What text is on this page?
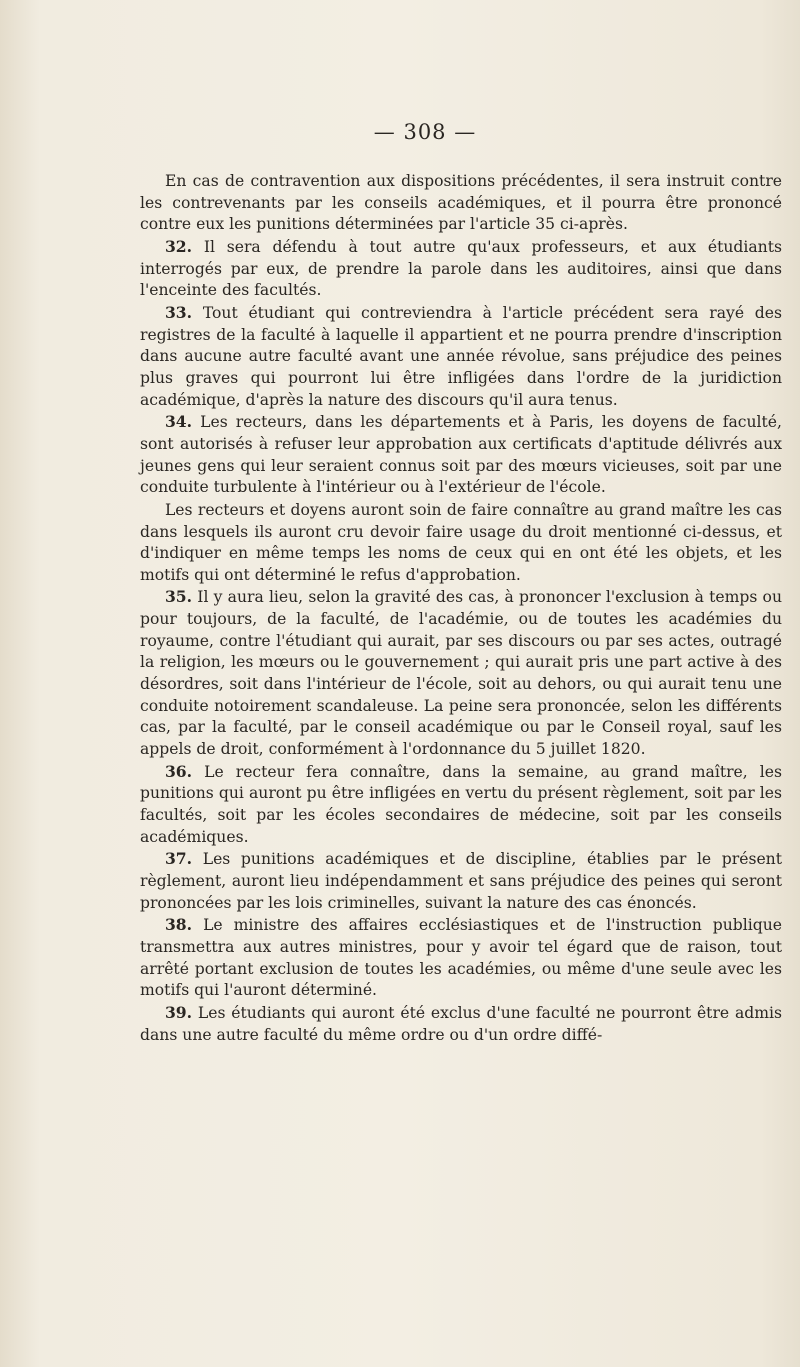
— 308 —

En cas de contravention aux dispositions précédentes, il sera instruit contre les contrevenants par les conseils académiques, et il pourra être prononcé contre eux les punitions déterminées par l'article 35 ci-après.

32. Il sera défendu à tout autre qu'aux professeurs, et aux étudiants interrogés par eux, de prendre la parole dans les auditoires, ainsi que dans l'enceinte des facultés.

33. Tout étudiant qui contreviendra à l'article précédent sera rayé des registres de la faculté à laquelle il appartient et ne pourra prendre d'inscription dans aucune autre faculté avant une année révolue, sans préjudice des peines plus graves qui pourront lui être infligées dans l'ordre de la juridiction académique, d'après la nature des discours qu'il aura tenus.

34. Les recteurs, dans les départements et à Paris, les doyens de faculté, sont autorisés à refuser leur approbation aux certificats d'aptitude délivrés aux jeunes gens qui leur seraient connus soit par des mœurs vicieuses, soit par une conduite turbulente à l'intérieur ou à l'extérieur de l'école.

Les recteurs et doyens auront soin de faire connaître au grand maître les cas dans lesquels ils auront cru devoir faire usage du droit mentionné ci-dessus, et d'indiquer en même temps les noms de ceux qui en ont été les objets, et les motifs qui ont déterminé le refus d'approbation.

35. Il y aura lieu, selon la gravité des cas, à prononcer l'exclusion à temps ou pour toujours, de la faculté, de l'académie, ou de toutes les académies du royaume, contre l'étudiant qui aurait, par ses discours ou par ses actes, outragé la religion, les mœurs ou le gouvernement ; qui aurait pris une part active à des désordres, soit dans l'intérieur de l'école, soit au dehors, ou qui aurait tenu une conduite notoirement scandaleuse. La peine sera prononcée, selon les différents cas, par la faculté, par le conseil académique ou par le Conseil royal, sauf les appels de droit, conformément à l'ordonnance du 5 juillet 1820.

36. Le recteur fera connaître, dans la semaine, au grand maître, les punitions qui auront pu être infligées en vertu du présent règlement, soit par les facultés, soit par les écoles secondaires de médecine, soit par les conseils académiques.

37. Les punitions académiques et de discipline, établies par le présent règlement, auront lieu indépendamment et sans préjudice des peines qui seront prononcées par les lois criminelles, suivant la nature des cas énoncés.

38. Le ministre des affaires ecclésiastiques et de l'instruction publique transmettra aux autres ministres, pour y avoir tel égard que de raison, tout arrêté portant exclusion de toutes les académies, ou même d'une seule avec les motifs qui l'auront déterminé.

39. Les étudiants qui auront été exclus d'une faculté ne pourront être admis dans une autre faculté du même ordre ou d'un ordre diffé-
